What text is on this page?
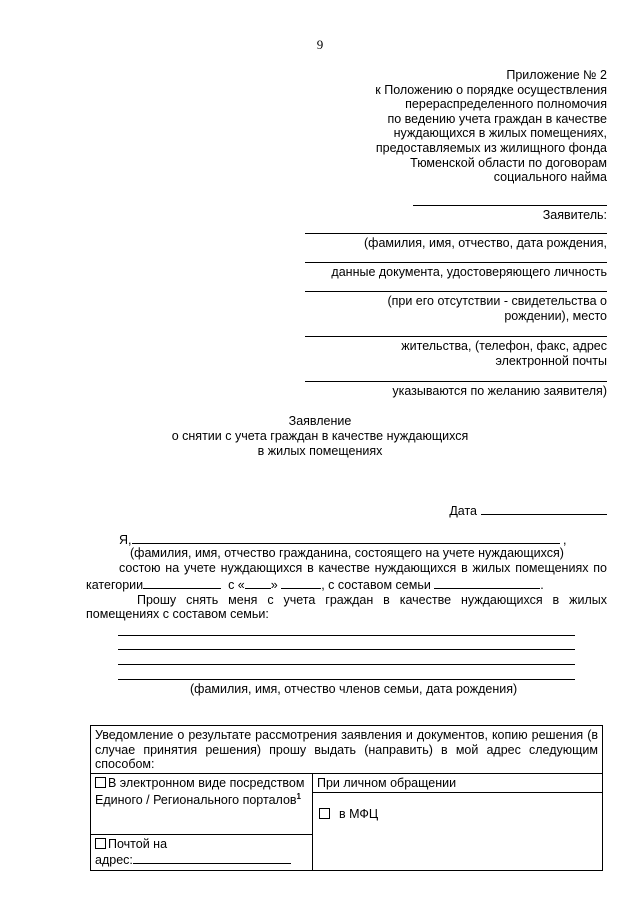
9
Приложение № 2
к Положению о порядке осуществления
перераспределенного полномочия
по ведению учета граждан в качестве
нуждающихся в жилых помещениях,
предоставляемых из жилищного фонда
Тюменской области по договорам
социального найма
Заявитель:
(фамилия, имя, отчество, дата рождения,
данные документа, удостоверяющего личность
(при его отсутствии - свидетельства о
рождении), место
жительства, (телефон, факс, адрес
электронной почты
указываются по желанию заявителя)
Заявление
о снятии с учета граждан в качестве нуждающихся
в жилых помещениях
Дата
Я,	,
(фамилия, имя, отчество гражданина, состоящего на учете нуждающихся)
состою на учете нуждающихся в качестве нуждающихся в жилых помещениях по
категории	с « »	, с составом семьи	.
Прошу снять меня с учета граждан в качестве нуждающихся в жилых
помещениях с составом семьи:
(фамилия, имя, отчество членов семьи, дата рождения)
Уведомление о результате рассмотрения заявления и документов, копию решения (в случае принятия решения) прошу выдать (направить) в мой адрес следующим способом:
В электронном виде посредством Единого / Регионального порталов$^1$	При личном обращении

в МФЦ

Почтой на
адрес:
